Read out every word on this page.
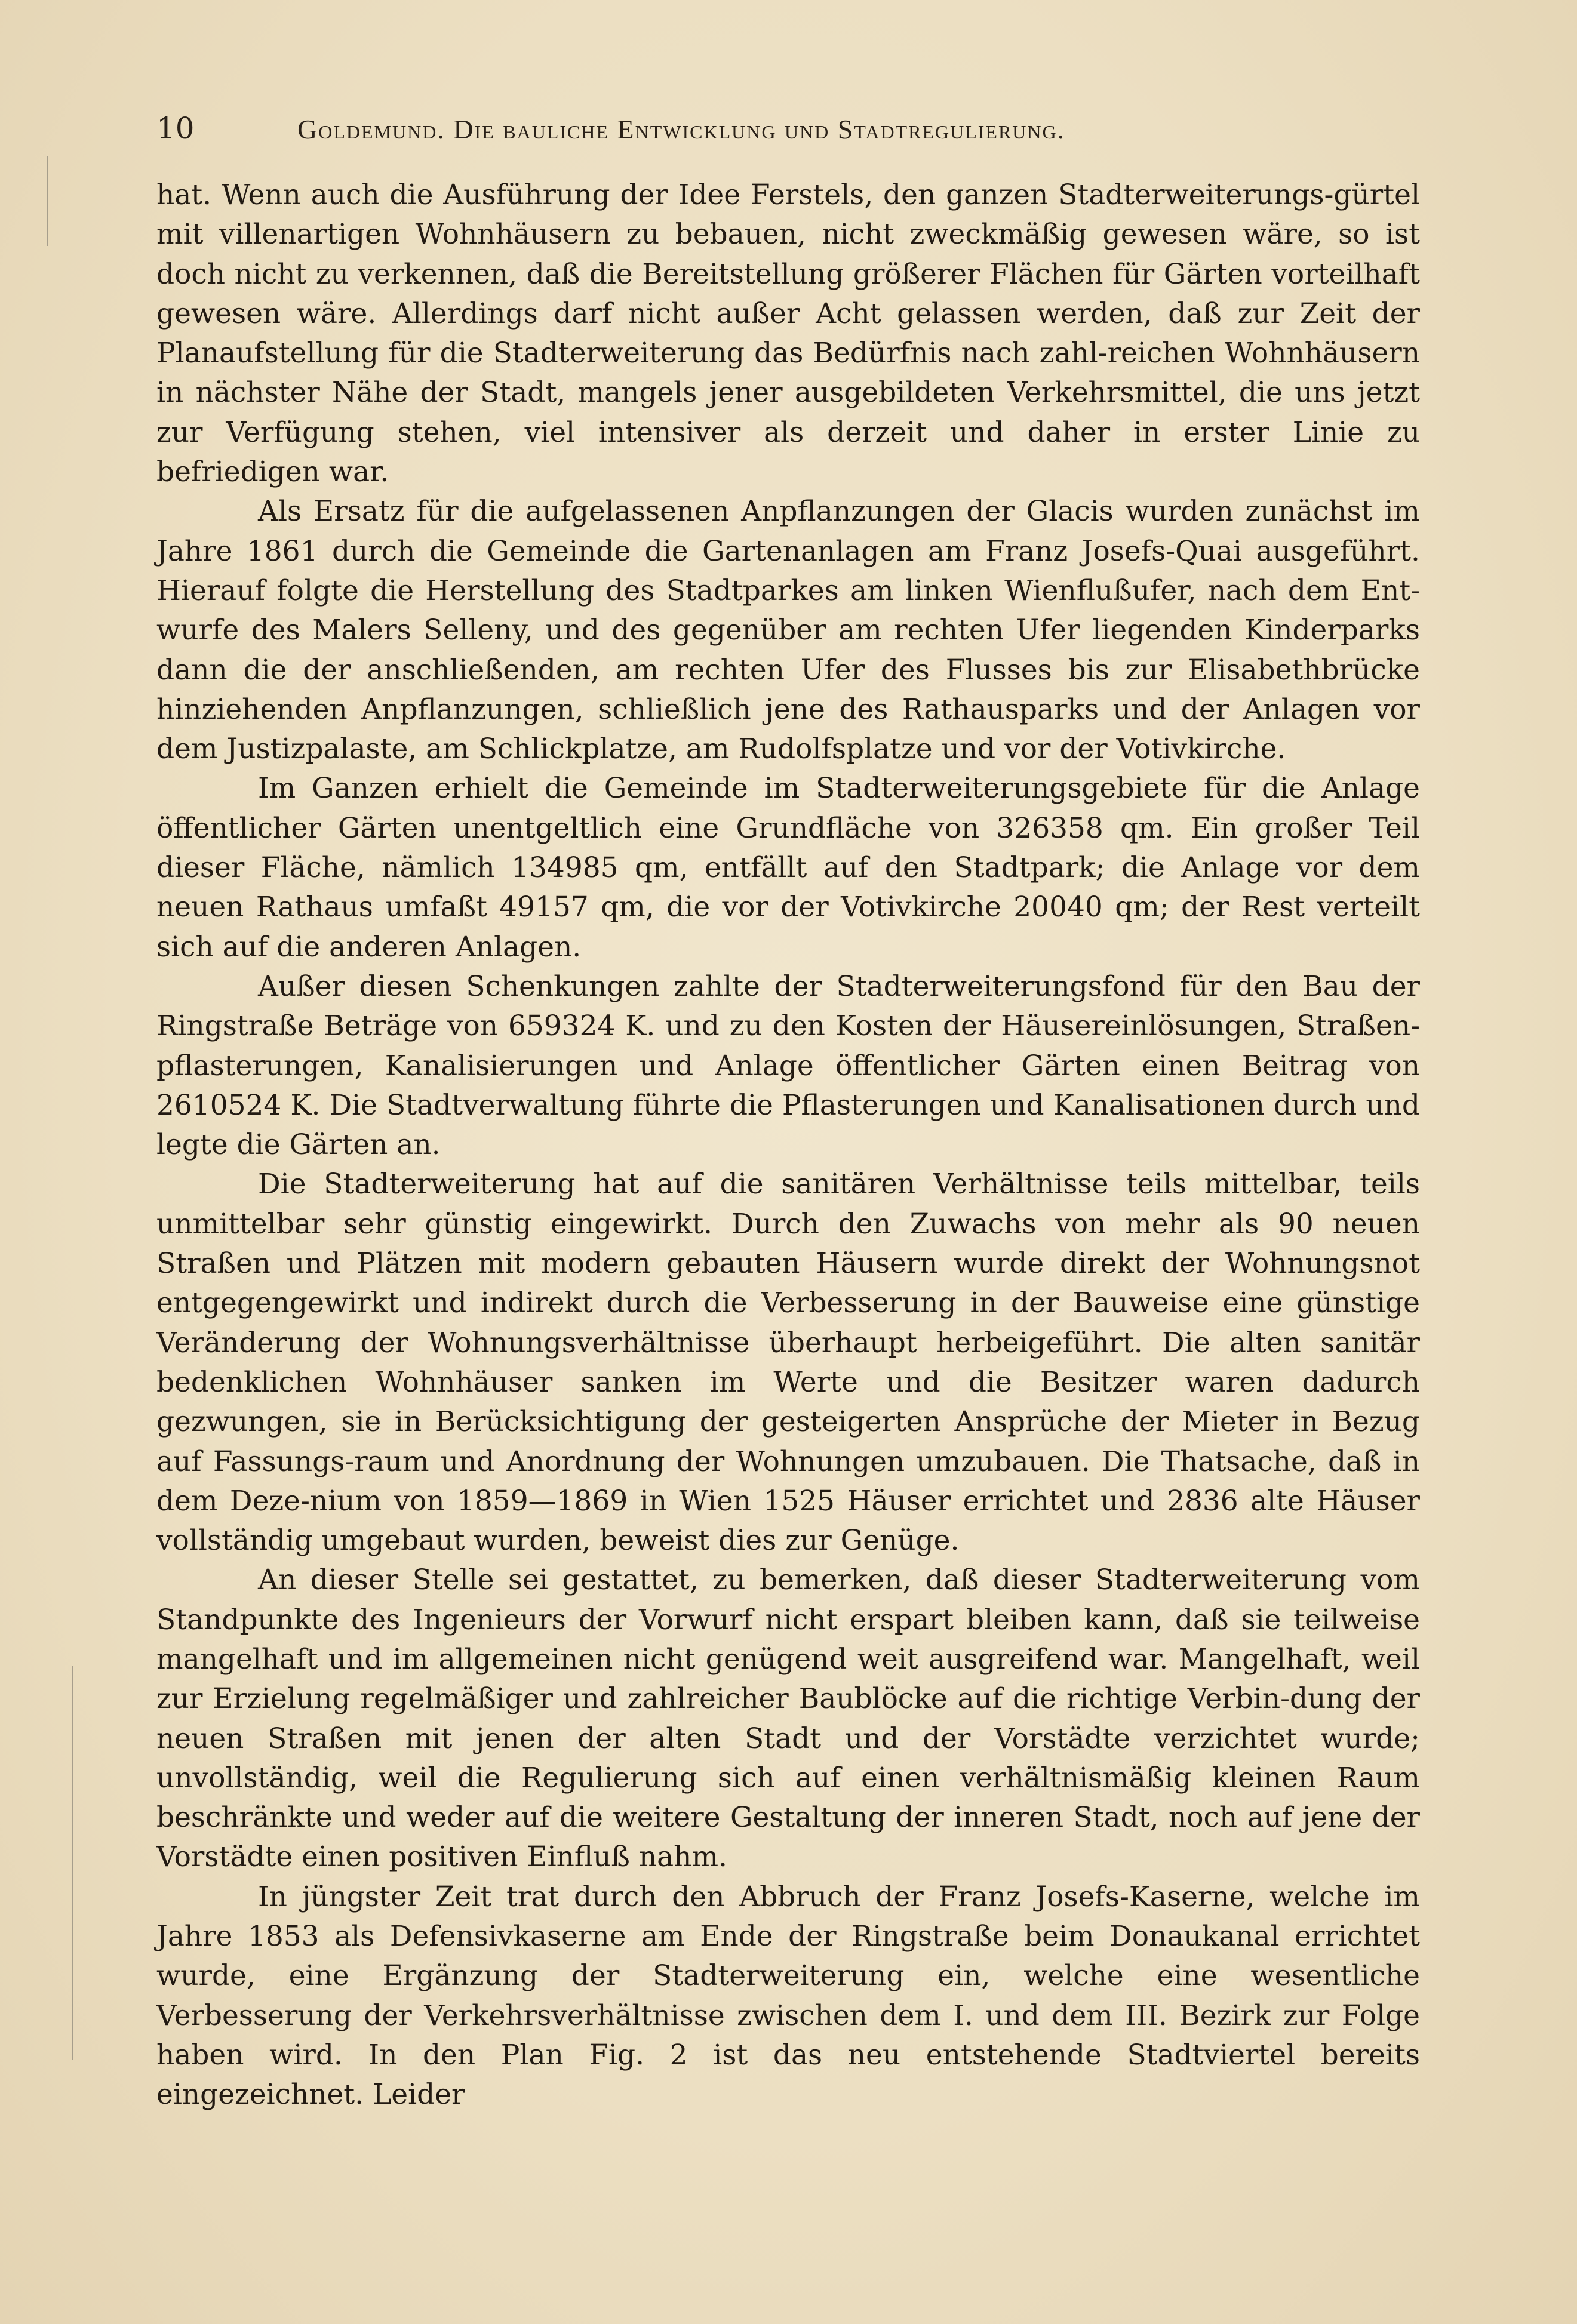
10	Goldemund. Die bauliche Entwicklung und Stadtregulierung.

hat. Wenn auch die Ausführung der Idee Ferstels, den ganzen Stadterweiterungs-gürtel mit villenartigen Wohnhäusern zu bebauen, nicht zweckmäßig gewesen wäre, so ist doch nicht zu verkennen, daß die Bereitstellung größerer Flächen für Gärten vorteilhaft gewesen wäre. Allerdings darf nicht außer Acht gelassen werden, daß zur Zeit der Planaufstellung für die Stadterweiterung das Bedürfnis nach zahl-reichen Wohnhäusern in nächster Nähe der Stadt, mangels jener ausgebildeten Verkehrsmittel, die uns jetzt zur Verfügung stehen, viel intensiver als derzeit und daher in erster Linie zu befriedigen war.

Als Ersatz für die aufgelassenen Anpflanzungen der Glacis wurden zunächst im Jahre 1861 durch die Gemeinde die Gartenanlagen am Franz Josefs-Quai ausgeführt. Hierauf folgte die Herstellung des Stadtparkes am linken Wienflußufer, nach dem Ent-wurfe des Malers Selleny, und des gegenüber am rechten Ufer liegenden Kinderparks dann die der anschließenden, am rechten Ufer des Flusses bis zur Elisabethbrücke hinziehenden Anpflanzungen, schließlich jene des Rathausparks und der Anlagen vor dem Justizpalaste, am Schlickplatze, am Rudolfsplatze und vor der Votivkirche.

Im Ganzen erhielt die Gemeinde im Stadterweiterungsgebiete für die Anlage öffentlicher Gärten unentgeltlich eine Grundfläche von 326358 qm. Ein großer Teil dieser Fläche, nämlich 134985 qm, entfällt auf den Stadtpark; die Anlage vor dem neuen Rathaus umfaßt 49157 qm, die vor der Votivkirche 20040 qm; der Rest verteilt sich auf die anderen Anlagen.

Außer diesen Schenkungen zahlte der Stadterweiterungsfond für den Bau der Ringstraße Beträge von 659324 K. und zu den Kosten der Häusereinlösungen, Straßen-pflasterungen, Kanalisierungen und Anlage öffentlicher Gärten einen Beitrag von 2610524 K. Die Stadtverwaltung führte die Pflasterungen und Kanalisationen durch und legte die Gärten an.

Die Stadterweiterung hat auf die sanitären Verhältnisse teils mittelbar, teils unmittelbar sehr günstig eingewirkt. Durch den Zuwachs von mehr als 90 neuen Straßen und Plätzen mit modern gebauten Häusern wurde direkt der Wohnungsnot entgegengewirkt und indirekt durch die Verbesserung in der Bauweise eine günstige Veränderung der Wohnungsverhältnisse überhaupt herbeigeführt. Die alten sanitär bedenklichen Wohnhäuser sanken im Werte und die Besitzer waren dadurch gezwungen, sie in Berücksichtigung der gesteigerten Ansprüche der Mieter in Bezug auf Fassungs-raum und Anordnung der Wohnungen umzubauen. Die Thatsache, daß in dem Deze-nium von 1859—1869 in Wien 1525 Häuser errichtet und 2836 alte Häuser vollständig umgebaut wurden, beweist dies zur Genüge.

An dieser Stelle sei gestattet, zu bemerken, daß dieser Stadterweiterung vom Standpunkte des Ingenieurs der Vorwurf nicht erspart bleiben kann, daß sie teilweise mangelhaft und im allgemeinen nicht genügend weit ausgreifend war. Mangelhaft, weil zur Erzielung regelmäßiger und zahlreicher Baublöcke auf die richtige Verbin-dung der neuen Straßen mit jenen der alten Stadt und der Vorstädte verzichtet wurde; unvollständig, weil die Regulierung sich auf einen verhältnismäßig kleinen Raum beschränkte und weder auf die weitere Gestaltung der inneren Stadt, noch auf jene der Vorstädte einen positiven Einfluß nahm.

In jüngster Zeit trat durch den Abbruch der Franz Josefs-Kaserne, welche im Jahre 1853 als Defensivkaserne am Ende der Ringstraße beim Donaukanal errichtet wurde, eine Ergänzung der Stadterweiterung ein, welche eine wesentliche Verbesserung der Verkehrsverhältnisse zwischen dem I. und dem III. Bezirk zur Folge haben wird. In den Plan Fig. 2 ist das neu entstehende Stadtviertel bereits eingezeichnet. Leider
